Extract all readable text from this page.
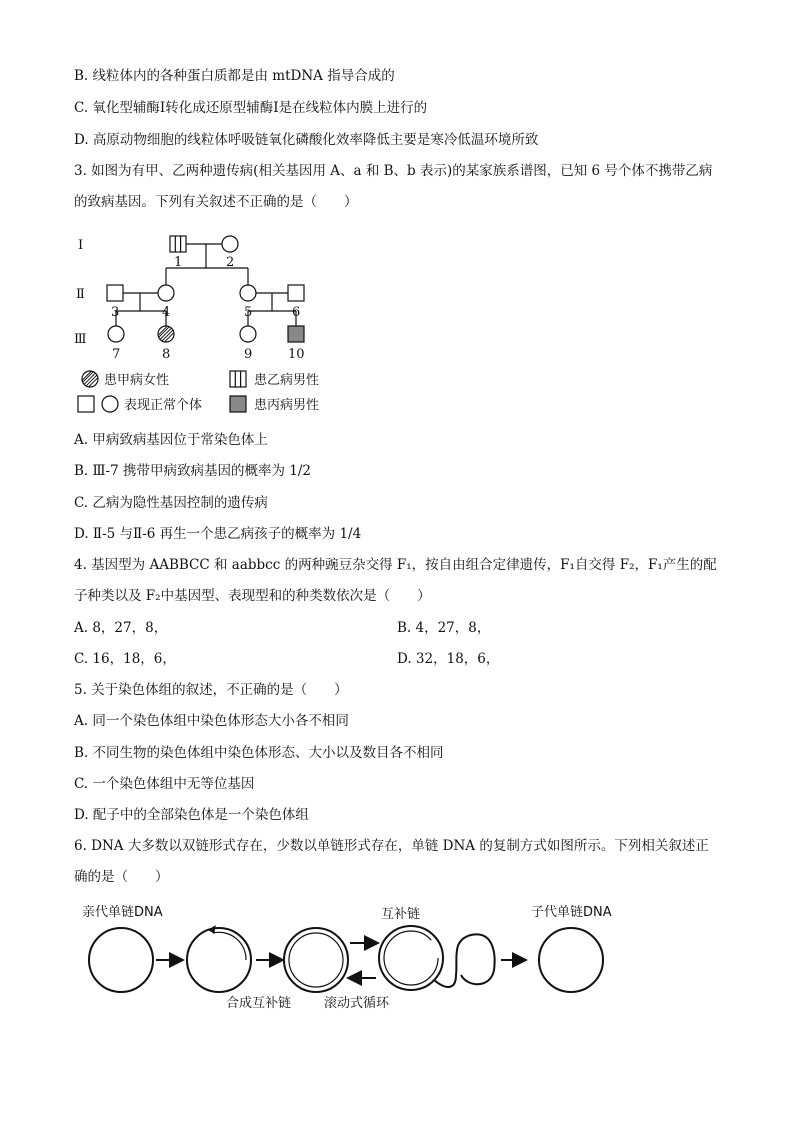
B. 线粒体内的各种蛋白质都是由 mtDNA 指导合成的
C. 氧化型辅酶Ⅰ转化成还原型辅酶Ⅰ是在线粒体内膜上进行的
D. 高原动物细胞的线粒体呼吸链氧化磷酸化效率降低主要是寒冷低温环境所致
3. 如图为有甲、乙两种遗传病(相关基因用 A、a 和 B、b 表示)的某家族系谱图，已知 6 号个体不携带乙病
的致病基因。下列有关叙述不正确的是（　　）
Ⅰ
Ⅱ
Ⅲ
1	2
3	4	5	6
7	8	9	10
患甲病女性	患乙病男性
表现正常个体	患丙病男性
A. 甲病致病基因位于常染色体上
B. Ⅲ-7 携带甲病致病基因的概率为 1/2
C. 乙病为隐性基因控制的遗传病
D. Ⅱ-5 与Ⅱ-6 再生一个患乙病孩子的概率为 1/4
4. 基因型为 AABBCC 和 aabbcc 的两种豌豆杂交得 F₁，按自由组合定律遗传，F₁自交得 F₂，F₁产生的配
子种类以及 F₂中基因型、表现型和的种类数依次是（　　）
A. 8，27，8，	B. 4，27，8，
C. 16，18，6，	D. 32，18，6，
5. 关于染色体组的叙述，不正确的是（　　）
A. 同一个染色体组中染色体形态大小各不相同
B. 不同生物的染色体组中染色体形态、大小以及数目各不相同
C. 一个染色体组中无等位基因
D. 配子中的全部染色体是一个染色体组
6. DNA 大多数以双链形式存在，少数以单链形式存在，单链 DNA 的复制方式如图所示。下列相关叙述正
确的是（　　）
亲代单链DNA	互补链	子代单链DNA
合成互补链	滚动式循环
